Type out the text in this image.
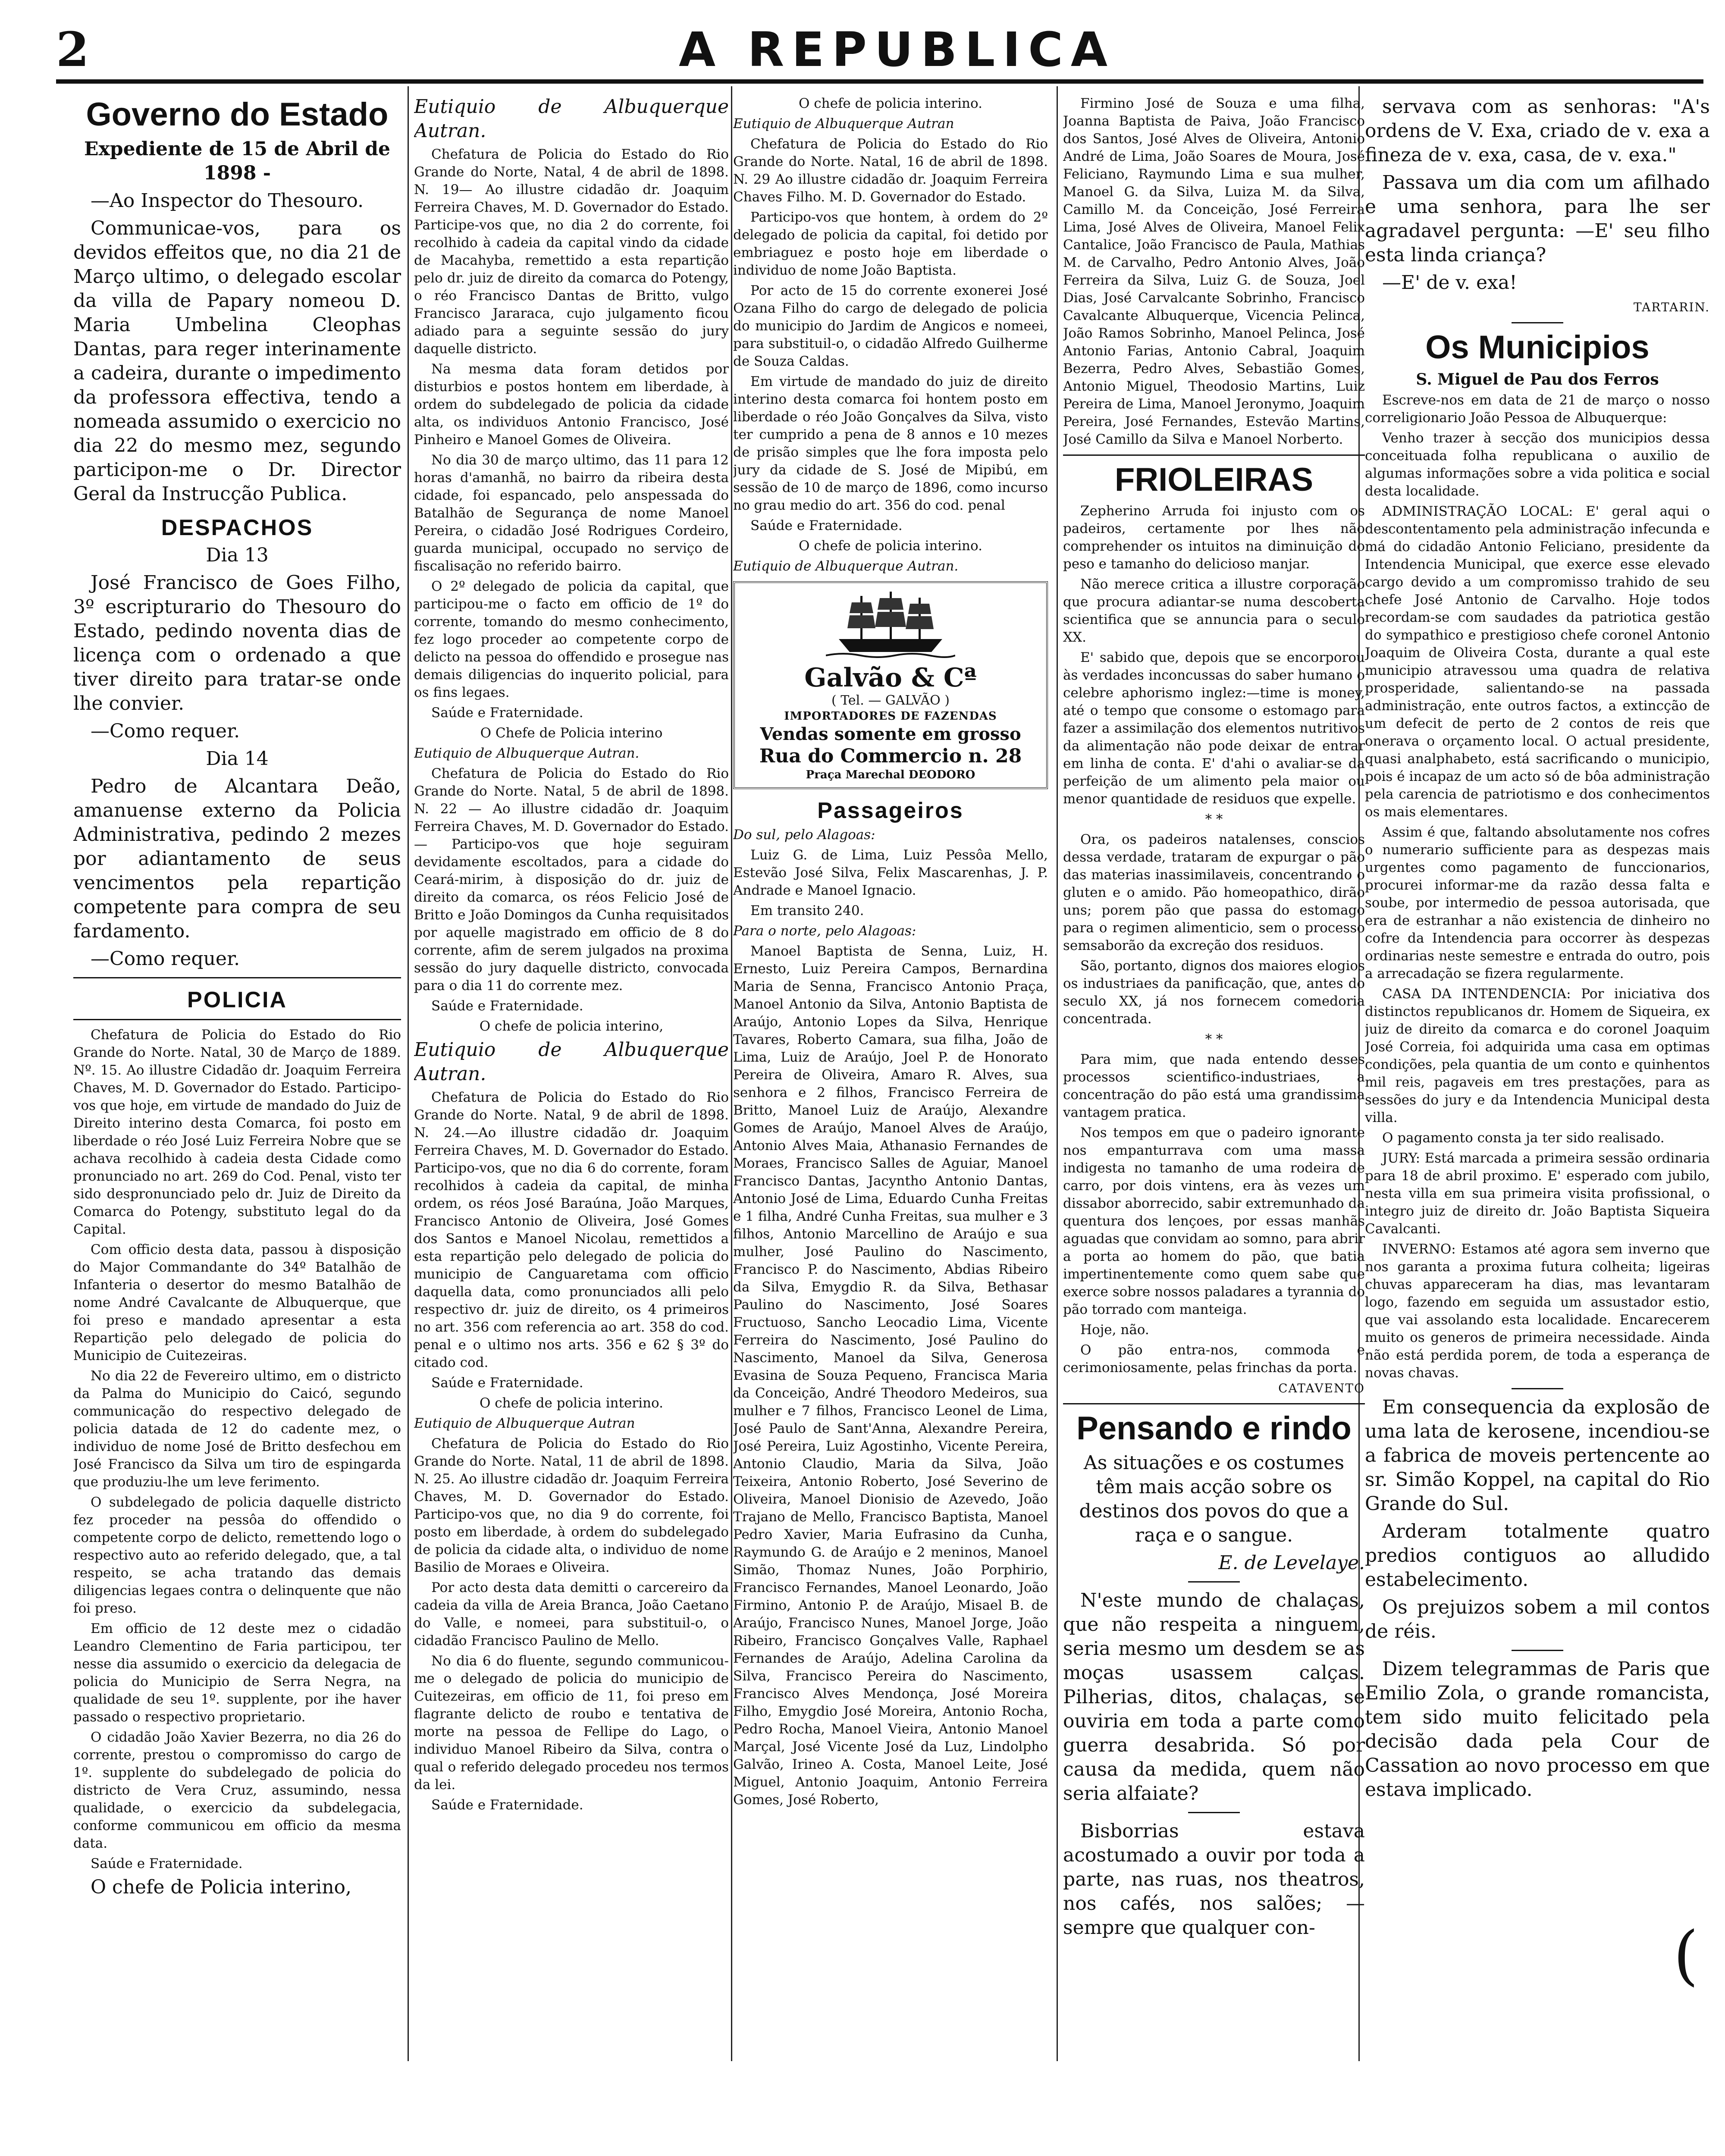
2	A REPUBLICA
Governo do Estado

Expediente de 15 de Abril de 1898 -

—Ao Inspector do Thesouro.

Communicae-vos, para os devidos effeitos que, no dia 21 de Março ultimo, o delegado escolar da villa de Papary nomeou D. Maria Umbelina Cleophas Dantas, para reger interinamente a cadeira, durante o impedimento da professora effectiva, tendo a nomeada assumido o exercicio no dia 22 do mesmo mez, segundo participon-me o Dr. Director Geral da Instrucção Publica.

DESPACHOS

Dia 13

José Francisco de Goes Filho, 3º escripturario do Thesouro do Estado, pedindo noventa dias de licença com o ordenado a que tiver direito para tratar-se onde lhe convier.

—Como requer.

Dia 14

Pedro de Alcantara Deão, amanuense externo da Policia Administrativa, pedindo 2 mezes por adiantamento de seus vencimentos pela repartição competente para compra de seu fardamento.

—Como requer.

POLICIA

Chefatura de Policia do Estado do Rio Grande do Norte. Natal, 30 de Março de 1889. Nº. 15. Ao illustre Cidadão dr. Joaquim Ferreira Chaves, M. D. Governador do Estado. Participo-vos que hoje, em virtude de mandado do Juiz de Direito interino desta Comarca, foi posto em liberdade o réo José Luiz Ferreira Nobre que se achava recolhido à cadeia desta Cidade como pronunciado no art. 269 do Cod. Penal, visto ter sido despronunciado pelo dr. Juiz de Direito da Comarca do Potengy, substituto legal do da Capital.

Com officio desta data, passou à disposição do Major Commandante do 34º Batalhão de Infanteria o desertor do mesmo Batalhão de nome André Cavalcante de Albuquerque, que foi preso e mandado apresentar a esta Repartição pelo delegado de policia do Municipio de Cuitezeiras.

No dia 22 de Fevereiro ultimo, em o districto da Palma do Municipio do Caicó, segundo communicação do respectivo delegado de policia datada de 12 do cadente mez, o individuo de nome José de Britto desfechou em José Francisco da Silva um tiro de espingarda que produziu-lhe um leve ferimento.

O subdelegado de policia daquelle districto fez proceder na pessôa do offendido o competente corpo de delicto, remettendo logo o respectivo auto ao referido delegado, que, a tal respeito, se acha tratando das demais diligencias legaes contra o delinquente que não foi preso.

Em officio de 12 deste mez o cidadão Leandro Clementino de Faria participou, ter nesse dia assumido o exercicio da delegacia de policia do Municipio de Serra Negra, na qualidade de seu 1º. supplente, por ihe haver passado o respectivo proprietario.

O cidadão João Xavier Bezerra, no dia 26 do corrente, prestou o compromisso do cargo de 1º. supplente do subdelegado de policia do districto de Vera Cruz, assumindo, nessa qualidade, o exercicio da subdelegacia, conforme communicou em officio da mesma data.

Saúde e Fraternidade.

O chefe de Policia interino,

Eutiquio de Albuquerque Autran.

Chefatura de Policia do Estado do Rio Grande do Norte, Natal, 4 de abril de 1898. N. 19— Ao illustre cidadão dr. Joaquim Ferreira Chaves, M. D. Governador do Estado. Participe-vos que, no dia 2 do corrente, foi recolhido à cadeia da capital vindo da cidade de Macahyba, remettido a esta repartição pelo dr. juiz de direito da comarca do Potengy, o réo Francisco Dantas de Britto, vulgo Francisco Jararaca, cujo julgamento ficou adiado para a seguinte sessão do jury daquelle districto.

Na mesma data foram detidos por disturbios e postos hontem em liberdade, à ordem do subdelegado de policia da cidade alta, os individuos Antonio Francisco, José Pinheiro e Manoel Gomes de Oliveira.

No dia 30 de março ultimo, das 11 para 12 horas d'amanhã, no bairro da ribeira desta cidade, foi espancado, pelo anspessada do Batalhão de Segurança de nome Manoel Pereira, o cidadão José Rodrigues Cordeiro, guarda municipal, occupado no serviço de fiscalisação no referido bairro.

O 2º delegado de policia da capital, que participou-me o facto em officio de 1º do corrente, tomando do mesmo conhecimento, fez logo proceder ao competente corpo de delicto na pessoa do offendido e prosegue nas demais diligencias do inquerito policial, para os fins legaes.

Saúde e Fraternidade.

O Chefe de Policia interino

Eutiquio de Albuquerque Autran.

Chefatura de Policia do Estado do Rio Grande do Norte. Natal, 5 de abril de 1898. N. 22 — Ao illustre cidadão dr. Joaquim Ferreira Chaves, M. D. Governador do Estado. — Participo-vos que hoje seguiram devidamente escoltados, para a cidade do Ceará-mirim, à disposição do dr. juiz de direito da comarca, os réos Felicio José de Britto e João Domingos da Cunha requisitados por aquelle magistrado em officio de 8 do corrente, afim de serem julgados na proxima sessão do jury daquelle districto, convocada para o dia 11 do corrente mez.

Saúde e Fraternidade.

O chefe de policia interino,

Eutiquio de Albuquerque Autran.

Chefatura de Policia do Estado do Rio Grande do Norte. Natal, 9 de abril de 1898. N. 24.—Ao illustre cidadão dr. Joaquim Ferreira Chaves, M. D. Governador do Estado. Participo-vos, que no dia 6 do corrente, foram recolhidos à cadeia da capital, de minha ordem, os réos José Baraúna, João Marques, Francisco Antonio de Oliveira, José Gomes dos Santos e Manoel Nicolau, remettidos a esta repartição pelo delegado de policia do municipio de Canguaretama com officio daquella data, como pronunciados alli pelo respectivo dr. juiz de direito, os 4 primeiros no art. 356 com referencia ao art. 358 do cod. penal e o ultimo nos arts. 356 e 62 § 3º do citado cod.

Saúde e Fraternidade.

O chefe de policia interino.

Eutiquio de Albuquerque Autran

Chefatura de Policia do Estado do Rio Grande do Norte. Natal, 11 de abril de 1898. N. 25. Ao illustre cidadão dr. Joaquim Ferreira Chaves, M. D. Governador do Estado. Participo-vos que, no dia 9 do corrente, foi posto em liberdade, à ordem do subdelegado de policia da cidade alta, o individuo de nome Basilio de Moraes e Oliveira.

Por acto desta data demitti o carcereiro da cadeia da villa de Areia Branca, João Caetano do Valle, e nomeei, para substituil-o, o cidadão Francisco Paulino de Mello.

No dia 6 do fluente, segundo communicou-me o delegado de policia do municipio de Cuitezeiras, em officio de 11, foi preso em flagrante delicto de roubo e tentativa de morte na pessoa de Fellipe do Lago, o individuo Manoel Ribeiro da Silva, contra o qual o referido delegado procedeu nos termos da lei.

Saúde e Fraternidade.

O chefe de policia interino.

Eutiquio de Albuquerque Autran

Chefatura de Policia do Estado do Rio Grande do Norte. Natal, 16 de abril de 1898. N. 29 Ao illustre cidadão dr. Joaquim Ferreira Chaves Filho. M. D. Governador do Estado.

Participo-vos que hontem, à ordem do 2º delegado de policia da capital, foi detido por embriaguez e posto hoje em liberdade o individuo de nome João Baptista.

Por acto de 15 do corrente exonerei José Ozana Filho do cargo de delegado de policia do municipio do Jardim de Angicos e nomeei, para substituil-o, o cidadão Alfredo Guilherme de Souza Caldas.

Em virtude de mandado do juiz de direito interino desta comarca foi hontem posto em liberdade o réo João Gonçalves da Silva, visto ter cumprido a pena de 8 annos e 10 mezes de prisão simples que lhe fora imposta pelo jury da cidade de S. José de Mipibú, em sessão de 10 de março de 1896, como incurso no grau medio do art. 356 do cod. penal

Saúde e Fraternidade.

O chefe de policia interino.

Eutiquio de Albuquerque Autran.

Galvão & Cª
( Tel. — GALVÃO )
IMPORTADORES DE FAZENDAS
Vendas somente em grosso
Rua do Commercio n. 28
Praça Marechal DEODORO
Passageiros

Do sul, pelo Alagoas:

Luiz G. de Lima, Luiz Pessôa Mello, Estevão José Silva, Felix Mascarenhas, J. P. Andrade e Manoel Ignacio.

Em transito 240.

Para o norte, pelo Alagoas:

Manoel Baptista de Senna, Luiz, H. Ernesto, Luiz Pereira Campos, Bernardina Maria de Senna, Francisco Antonio Praça, Manoel Antonio da Silva, Antonio Baptista de Araújo, Antonio Lopes da Silva, Henrique Tavares, Roberto Camara, sua filha, João de Lima, Luiz de Araújo, Joel P. de Honorato Pereira de Oliveira, Amaro R. Alves, sua senhora e 2 filhos, Francisco Ferreira de Britto, Manoel Luiz de Araújo, Alexandre Gomes de Araújo, Manoel Alves de Araújo, Antonio Alves Maia, Athanasio Fernandes de Moraes, Francisco Salles de Aguiar, Manoel Francisco Dantas, Jacyntho Antonio Dantas, Antonio José de Lima, Eduardo Cunha Freitas e 1 filha, André Cunha Freitas, sua mulher e 3 filhos, Antonio Marcellino de Araújo e sua mulher, José Paulino do Nascimento, Francisco P. do Nascimento, Abdias Ribeiro da Silva, Emygdio R. da Silva, Bethasar Paulino do Nascimento, José Soares Fructuoso, Sancho Leocadio Lima, Vicente Ferreira do Nascimento, José Paulino do Nascimento, Manoel da Silva, Generosa Evasina de Souza Pequeno, Francisca Maria da Conceição, André Theodoro Medeiros, sua mulher e 7 filhos, Francisco Leonel de Lima, José Paulo de Sant'Anna, Alexandre Pereira, José Pereira, Luiz Agostinho, Vicente Pereira, Antonio Claudio, Maria da Silva, João Teixeira, Antonio Roberto, José Severino de Oliveira, Manoel Dionisio de Azevedo, João Trajano de Mello, Francisco Baptista, Manoel Pedro Xavier, Maria Eufrasino da Cunha, Raymundo G. de Araújo e 2 meninos, Manoel Simão, Thomaz Nunes, João Porphirio, Francisco Fernandes, Manoel Leonardo, João Firmino, Antonio P. de Araújo, Misael B. de Araújo, Francisco Nunes, Manoel Jorge, João Ribeiro, Francisco Gonçalves Valle, Raphael Fernandes de Araújo, Adelina Carolina da Silva, Francisco Pereira do Nascimento, Francisco Alves Mendonça, José Moreira Filho, Emygdio José Moreira, Antonio Rocha, Pedro Rocha, Manoel Vieira, Antonio Manoel Marçal, José Vicente José da Luz, Lindolpho Galvão, Irineo A. Costa, Manoel Leite, José Miguel, Antonio Joaquim, Antonio Ferreira Gomes, José Roberto,

Firmino José de Souza e uma filha, Joanna Baptista de Paiva, João Francisco dos Santos, José Alves de Oliveira, Antonio André de Lima, João Soares de Moura, José Feliciano, Raymundo Lima e sua mulher, Manoel G. da Silva, Luiza M. da Silva, Camillo M. da Conceição, José Ferreira Lima, José Alves de Oliveira, Manoel Felix Cantalice, João Francisco de Paula, Mathias M. de Carvalho, Pedro Antonio Alves, João Ferreira da Silva, Luiz G. de Souza, Joel Dias, José Carvalcante Sobrinho, Francisco Cavalcante Albuquerque, Vicencia Pelinca, João Ramos Sobrinho, Manoel Pelinca, José Antonio Farias, Antonio Cabral, Joaquim Bezerra, Pedro Alves, Sebastião Gomes, Antonio Miguel, Theodosio Martins, Luiz Pereira de Lima, Manoel Jeronymo, Joaquim Pereira, José Fernandes, Estevão Martins, José Camillo da Silva e Manoel Norberto.

FRIOLEIRAS

Zepherino Arruda foi injusto com os padeiros, certamente por lhes não comprehender os intuitos na diminuição do peso e tamanho do delicioso manjar.

Não merece critica a illustre corporação que procura adiantar-se numa descoberta scientifica que se annuncia para o seculo XX.

E' sabido que, depois que se encorporou às verdades inconcussas do saber humano o celebre aphorismo inglez:—time is money, até o tempo que consome o estomago para fazer a assimilação dos elementos nutritivos da alimentação não pode deixar de entrar em linha de conta. E' d'ahi o avaliar-se da perfeição de um alimento pela maior ou menor quantidade de residuos que expelle.

* *

Ora, os padeiros natalenses, conscios dessa verdade, trataram de expurgar o pão das materias inassimilaveis, concentrando o gluten e o amido. Pão homeopathico, dirão uns; porem pão que passa do estomago para o regimen alimenticio, sem o processo semsaborão da excreção dos residuos.

São, portanto, dignos dos maiores elogios os industriaes da panificação, que, antes do seculo XX, já nos fornecem comedoria concentrada.

* *

Para mim, que nada entendo desses processos scientifico-industriaes, a concentração do pão está uma grandissima vantagem pratica.

Nos tempos em que o padeiro ignorante nos empanturrava com uma massa indigesta no tamanho de uma rodeira de carro, por dois vintens, era às vezes um dissabor aborrecido, sabir extremunhado da quentura dos lençoes, por essas manhãs aguadas que convidam ao somno, para abrir a porta ao homem do pão, que batia impertinentemente como quem sabe que exerce sobre nossos paladares a tyrannia do pão torrado com manteiga.

Hoje, não.

O pão entra-nos, commoda e cerimoniosamente, pelas frinchas da porta.

CATAVENTO

Pensando e rindo

As situações e os costumes têm mais acção sobre os destinos dos povos do que a raça e o sangue.

E. de Levelaye.

N'este mundo de chalaças, que não respeita a ninguem, seria mesmo um desdem se as moças usassem calças. Pilherias, ditos, chalaças, se ouviria em toda a parte como guerra desabrida. Só por causa da medida, quem não seria alfaiate?

Bisborrias estava acostumado a ouvir por toda a parte, nas ruas, nos theatros, nos cafés, nos salões; —sempre que qualquer con-

servava com as senhoras: "A's ordens de V. Exa, criado de v. exa a fineza de v. exa, casa, de v. exa."

Passava um dia com um afilhado e uma senhora, para lhe ser agradavel pergunta: —E' seu filho esta linda criança?

—E' de v. exa!

TARTARIN.

Os Municipios
S. Miguel de Pau dos Ferros

Escreve-nos em data de 21 de março o nosso correligionario João Pessoa de Albuquerque:

Venho trazer à secção dos municipios dessa conceituada folha republicana o auxilio de algumas informações sobre a vida politica e social desta localidade.

ADMINISTRAÇÃO LOCAL: E' geral aqui o descontentamento pela administração infecunda e má do cidadão Antonio Feliciano, presidente da Intendencia Municipal, que exerce esse elevado cargo devido a um compromisso trahido de seu chefe José Antonio de Carvalho. Hoje todos recordam-se com saudades da patriotica gestão do sympathico e prestigioso chefe coronel Antonio Joaquim de Oliveira Costa, durante a qual este municipio atravessou uma quadra de relativa prosperidade, salientando-se na passada administração, ente outros factos, a extincção de um defecit de perto de 2 contos de reis que onerava o orçamento local. O actual presidente, quasi analphabeto, está sacrificando o municipio, pois é incapaz de um acto só de bôa administração pela carencia de patriotismo e dos conhecimentos os mais elementares.

Assim é que, faltando absolutamente nos cofres o numerario sufficiente para as despezas mais urgentes como pagamento de funccionarios, procurei informar-me da razão dessa falta e soube, por intermedio de pessoa autorisada, que era de estranhar a não existencia de dinheiro no cofre da Intendencia para occorrer às despezas ordinarias neste semestre e entrada do outro, pois a arrecadação se fizera regularmente.

CASA DA INTENDENCIA: Por iniciativa dos distinctos republicanos dr. Homem de Siqueira, ex juiz de direito da comarca e do coronel Joaquim José Correia, foi adquirida uma casa em optimas condições, pela quantia de um conto e quinhentos mil reis, pagaveis em tres prestações, para as sessões do jury e da Intendencia Municipal desta villa.

O pagamento consta ja ter sido realisado.

JURY: Está marcada a primeira sessão ordinaria para 18 de abril proximo. E' esperado com jubilo, nesta villa em sua primeira visita profissional, o integro juiz de direito dr. João Baptista Siqueira Cavalcanti.

INVERNO: Estamos até agora sem inverno que nos garanta a proxima futura colheita; ligeiras chuvas appareceram ha dias, mas levantaram logo, fazendo em seguida um assustador estio, que vai assolando esta localidade. Encarecerem muito os generos de primeira necessidade. Ainda não está perdida porem, de toda a esperança de novas chavas.

Em consequencia da explosão de uma lata de kerosene, incendiou-se a fabrica de moveis pertencente ao sr. Simão Koppel, na capital do Rio Grande do Sul.

Arderam totalmente quatro predios contiguos ao alludido estabelecimento.

Os prejuizos sobem a mil contos de réis.

Dizem telegrammas de Paris que Emilio Zola, o grande romancista, tem sido muito felicitado pela decisão dada pela Cour de Cassation ao novo processo em que estava implicado.

(
